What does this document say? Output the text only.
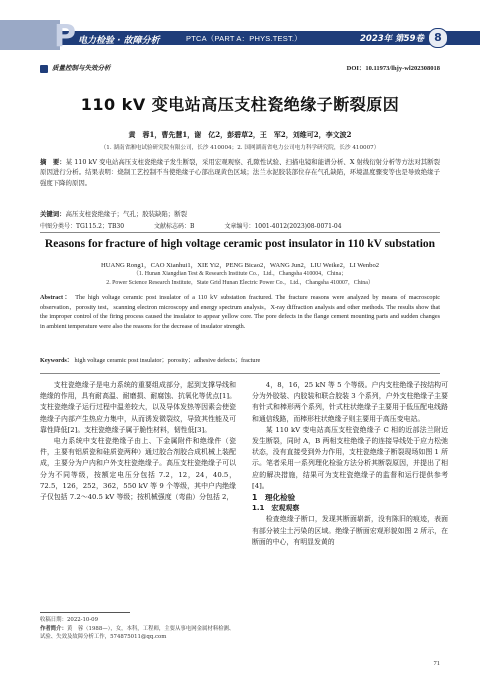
P 电力检验 · 故障分析	PTCA（PART A：PHYS.TEST.）	2023年 第59卷 8
质量控制与失效分析	DOI：10.11973/lhjy-wl202308018
110 kV 变电站高压支柱瓷绝缘子断裂原因
黄　蓉1，曹先慧1，谢　亿2，彭碧草2，王　军2，刘维可2，李文波2
（1. 湖南省湘电试验研究院有限公司，长沙 410004；2. 国网湖南省电力公司电力科学研究院，长沙 410007）
摘　要：某 110 kV 变电站高压支柱瓷绝缘子发生断裂，采用宏观观察、孔隙性试验、扫描电镜和能谱分析、X 射线衍射分析等方法对其断裂原因进行分析。结果表明：烧制工艺控制不当使绝缘子心部出现黄色区域；法兰水泥胶装部位存在气孔缺陷，环境温度骤变等也是导致绝缘子强度下降的原因。
关键词：高压支柱瓷绝缘子；气孔；胶装缺陷；断裂
中图分类号：TG115.2；TB30	文献标志码：B	文章编号：1001-4012(2023)08-0071-04
Reasons for fracture of high voltage ceramic post insulator in 110 kV substation
HUANG Rong1，CAO Xianhui1，XIE Yi2，PENG Bicao2，WANG Jun2，LIU Weike2，LI Wenbo2
（1. Hunan Xiangdian Test & Research Institute Co.，Ltd.，Changsha 410004，China；
2. Power Science Research Institute，State Grid Hunan Electric Power Co.，Ltd.，Changsha 410007，China）
Abstract： The high voltage ceramic post insulator of a 110 kV substation fractured. The fracture reasons were analyzed by means of macroscopic observation，porosity test，scanning electron microscopy and energy spectrum analysis，X-ray diffraction analysis and other methods. The results show that the improper control of the firing process caused the insulator to appear yellow core. The pore defects in the flange cement mounting parts and sudden changes in ambient temperature were also the reasons for the decrease of insulator strength.
Keywords： high voltage ceramic post insulator；porosity；adhesive defects；fracture

支柱瓷绝缘子是电力系统的重要组成部分，起到支撑导线和绝缘的作用，具有耐高温、耐磨损、耐腐蚀、抗氧化等优点[1]。支柱瓷绝缘子运行过程中温差较大，以及导体发热等因素会使瓷绝缘子内部产生热应力集中，从而诱发微裂纹，导致其性能及可靠性降低[2]。支柱瓷绝缘子属于脆性材料，韧性低[3]。

电力系统中支柱瓷绝缘子由上、下金属附件和绝缘件（瓷件，主要有铝质瓷和硅质瓷两种）通过胶合剂胶合成机械上装配成，主要分为户内和户外支柱瓷绝缘子。高压支柱瓷绝缘子可以分为不同等级，按额定电压分包括 7.2，12，24，40.5，72.5，126，252，362，550 kV 等 9 个等级，其中户内绝缘子仅包括 7.2～40.5 kV 等级；按机械强度（弯曲）分包括 2，

4，8，16，25 kN 等 5 个等级。户内支柱绝缘子按结构可分为外胶装、内胶装和联合胶装 3 个系列，户外支柱绝缘子主要有针式和棒形两个系列，针式柱状绝缘子主要用于低压配电线路和通信线路，而棒形柱状绝缘子则主要用于高压变电站。

某 110 kV 变电站高压支柱瓷绝缘子 C 相的近部法兰附近发生断裂，同时 A，B 两相支柱绝缘子的连接导线处于应力松弛状态，没有直接受到外力作用，支柱瓷绝缘子断裂现场如图 1 所示。笔者采用一系列理化检验方法分析其断裂原因，并提出了相应的解决措施，结果可为支柱瓷绝缘子的监督和运行提供参考[4]。

1　理化检验

1.1　宏观观察

检查绝缘子断口，发现其断面崭新，没有陈旧的痕迹，表面有部分被尘土污染的区域。绝缘子断面宏观形貌如图 2 所示，在断面的中心，有明显发黄的

收稿日期：2022-10-09
作者简介：黄　蓉（1988—），女，本科，工程师，主要从事电网金属材料检测、试验、失效及故障分析工作，574875011@qq.com
71
